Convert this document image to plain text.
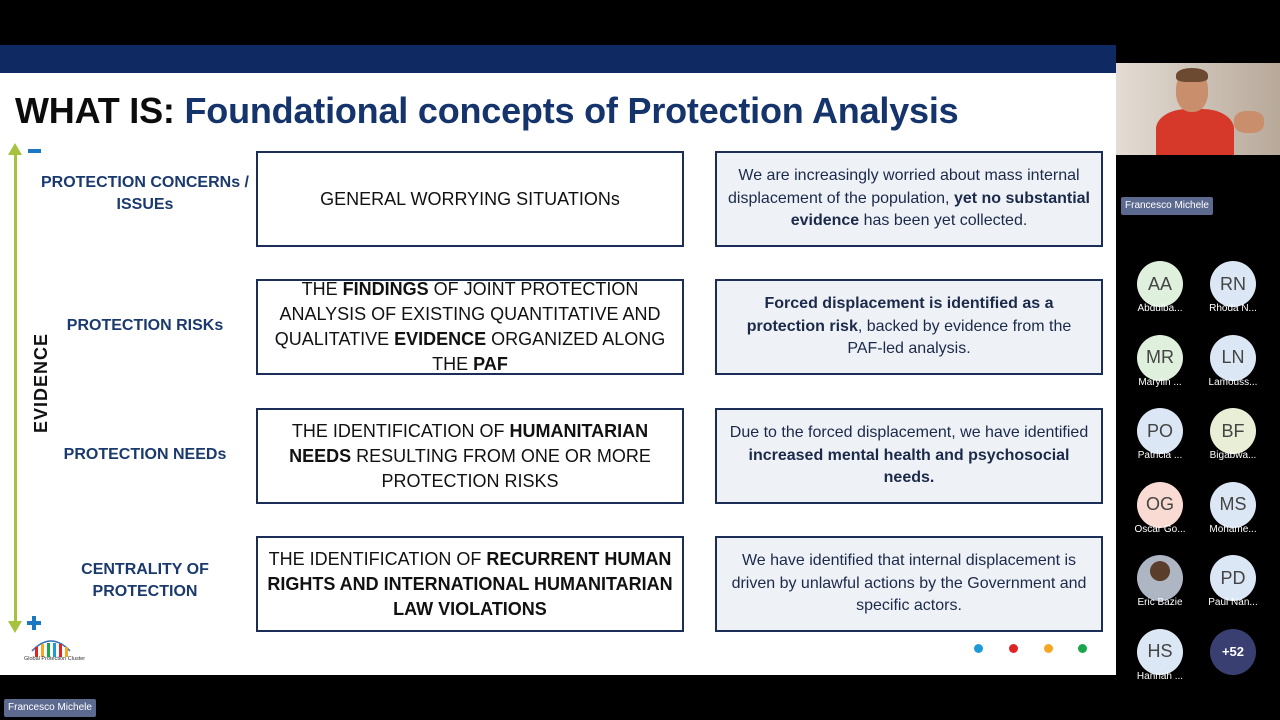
WHAT IS: Foundational concepts of Protection Analysis
EVIDENCE
PROTECTION CONCERNs / ISSUEs	GENERAL WORRYING SITUATIONs
We are increasingly worried about mass internal displacement of the population, yet no substantial evidence has been yet collected.
PROTECTION RISKs
THE FINDINGS OF JOINT PROTECTION ANALYSIS OF EXISTING QUANTITATIVE AND QUALITATIVE EVIDENCE ORGANIZED ALONG THE PAF
Forced displacement is identified as a protection risk, backed by evidence from the PAF-led analysis.
PROTECTION NEEDs
THE IDENTIFICATION OF HUMANITARIAN NEEDS RESULTING FROM ONE OR MORE PROTECTION RISKS
Due to the forced displacement, we have identified increased mental health and psychosocial needs.
CENTRALITY OF PROTECTION
THE IDENTIFICATION OF RECURRENT HUMAN RIGHTS AND INTERNATIONAL HUMANITARIAN LAW VIOLATIONS
We have identified that internal displacement is driven by unlawful actions by the Government and specific actors.
Global Protection Cluster
Francesco Michele
AA
Abdulba...
RN
Rhoda N...
MR
Marylin ...
LN
Lamouss...
PO
Patricia ...
BF
Bigabwa...
OG
Oscar Go...
MS
Mohame...
Eric Bazie
PD
Paul Nan...
HS
Hannah ...
+52
Francesco Michele
